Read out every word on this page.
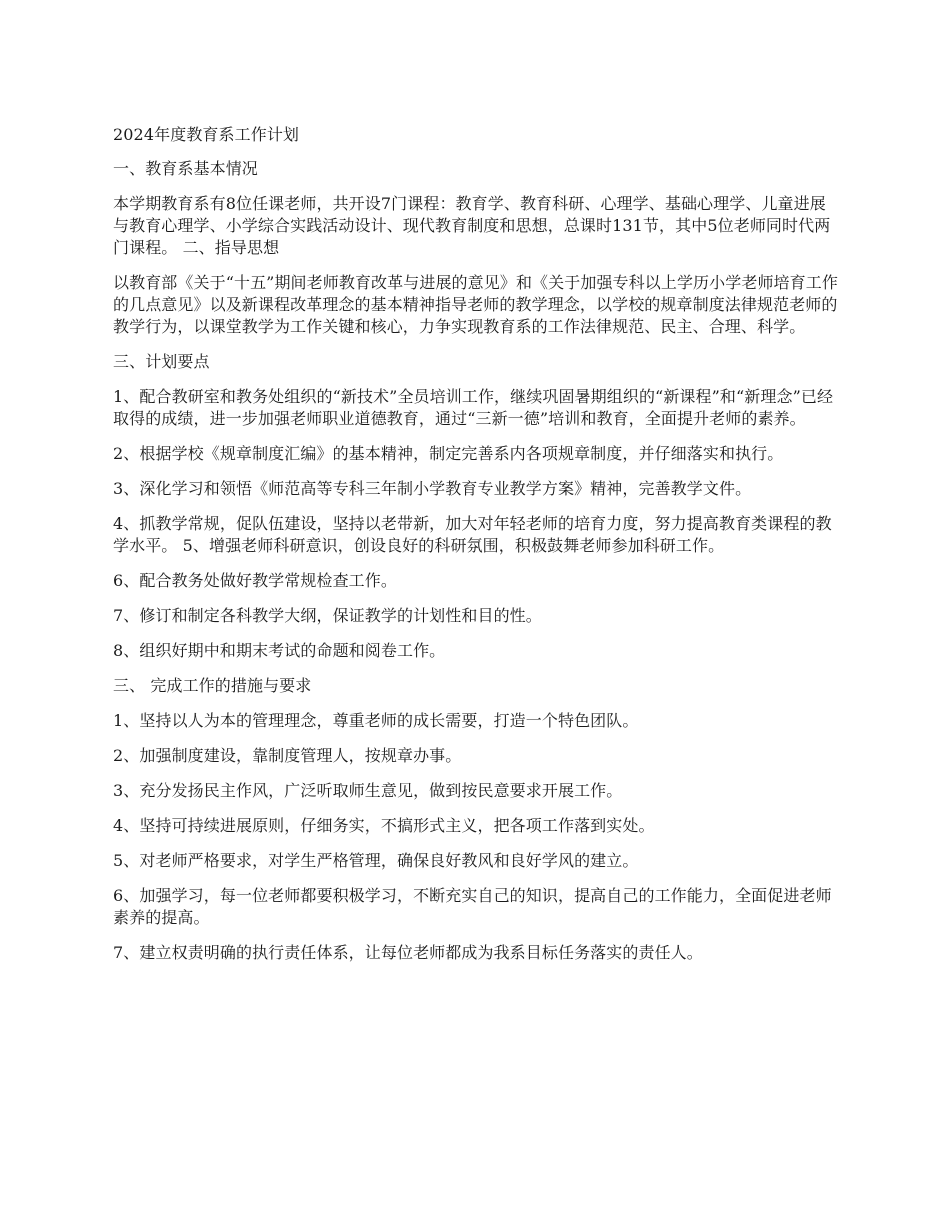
2024年度教育系工作计划

一、教育系基本情况

本学期教育系有8位任课老师，共开设7门课程：教育学、教育科研、心理学、基础心理学、儿童进展与教育心理学、小学综合实践活动设计、现代教育制度和思想，总课时131节，其中5位老师同时代两门课程。 二、指导思想

以教育部《关于“十五”期间老师教育改革与进展的意见》和《关于加强专科以上学历小学老师培育工作的几点意见》以及新课程改革理念的基本精神指导老师的教学理念，以学校的规章制度法律规范老师的教学行为，以课堂教学为工作关键和核心，力争实现教育系的工作法律规范、民主、合理、科学。

三、计划要点

1、配合教研室和教务处组织的“新技术”全员培训工作，继续巩固暑期组织的“新课程”和“新理念”已经取得的成绩，进一步加强老师职业道德教育，通过“三新一德”培训和教育，全面提升老师的素养。

2、根据学校《规章制度汇编》的基本精神，制定完善系内各项规章制度，并仔细落实和执行。

3、深化学习和领悟《师范高等专科三年制小学教育专业教学方案》精神，完善教学文件。

4、抓教学常规，促队伍建设，坚持以老带新，加大对年轻老师的培育力度，努力提高教育类课程的教学水平。 5、增强老师科研意识，创设良好的科研氛围，积极鼓舞老师参加科研工作。

6、配合教务处做好教学常规检查工作。

7、修订和制定各科教学大纲，保证教学的计划性和目的性。

8、组织好期中和期末考试的命题和阅卷工作。

三、 完成工作的措施与要求

1、坚持以人为本的管理理念，尊重老师的成长需要，打造一个特色团队。

2、加强制度建设，靠制度管理人，按规章办事。

3、充分发扬民主作风，广泛听取师生意见，做到按民意要求开展工作。

4、坚持可持续进展原则，仔细务实，不搞形式主义，把各项工作落到实处。

5、对老师严格要求，对学生严格管理，确保良好教风和良好学风的建立。

6、加强学习，每一位老师都要积极学习，不断充实自己的知识，提高自己的工作能力，全面促进老师素养的提高。

7、建立权责明确的执行责任体系，让每位老师都成为我系目标任务落实的责任人。
